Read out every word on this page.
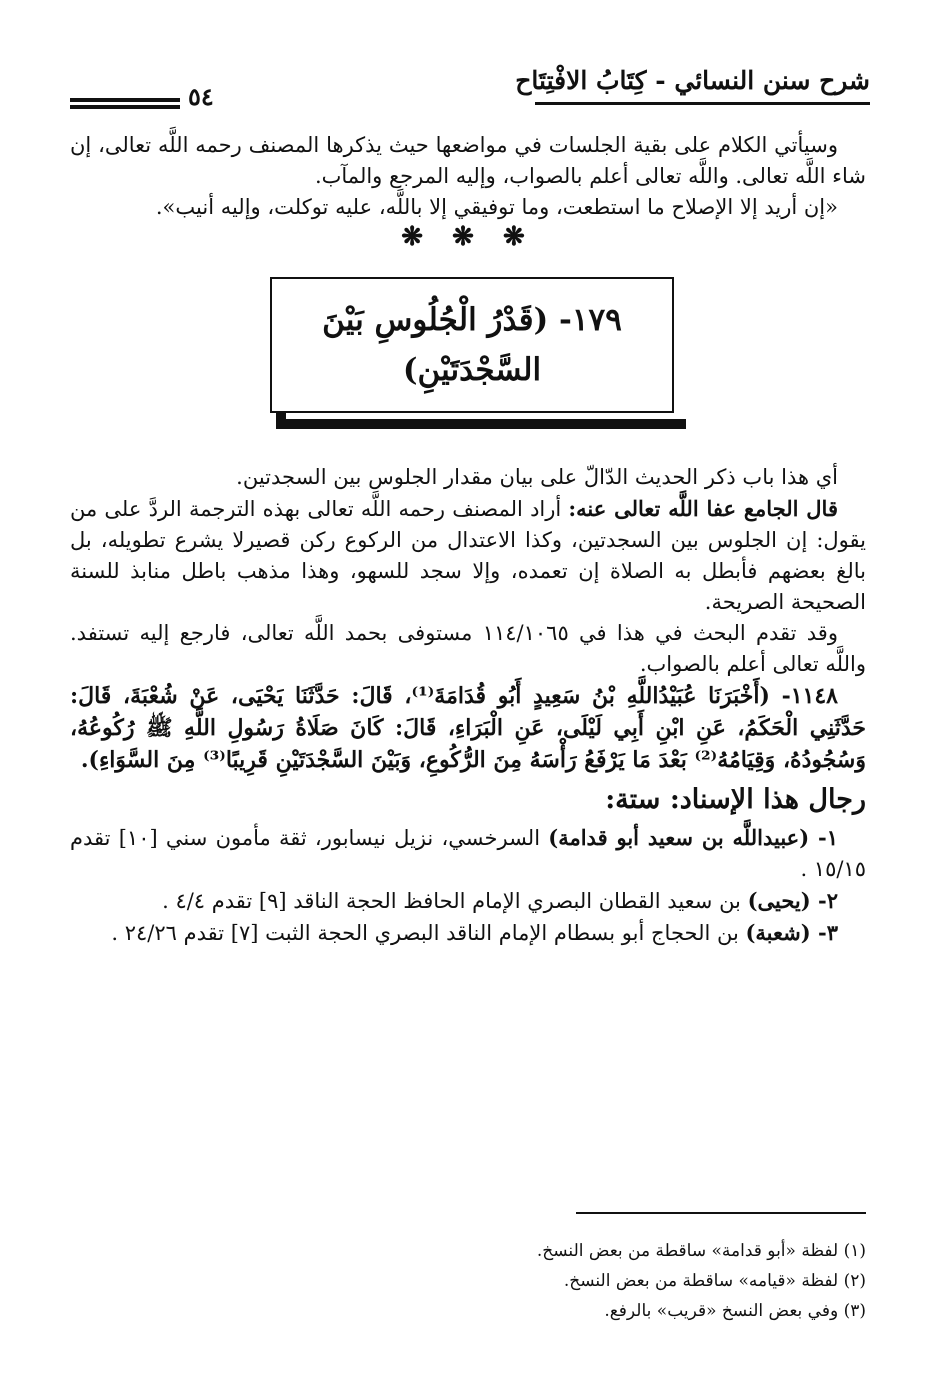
شرح سنن النسائي - كِتَابُ الافْتِتَاح
٥٤

وسيأتي الكلام على بقية الجلسات في مواضعها حيث يذكرها المصنف رحمه اللَّه تعالى، إن شاء اللَّه تعالى. واللَّه تعالى أعلم بالصواب، وإليه المرجع والمآب.

«إن أريد إلا الإصلاح ما استطعت، وما توفيقي إلا باللَّه، عليه توكلت، وإليه أنيب».

❋ ❋ ❋

١٧٩- (قَدْرُ الْجُلُوسِ بَيْنَ
السَّجْدَتَيْنِ)

أي هذا باب ذكر الحديث الدّالّ على بيان مقدار الجلوس بين السجدتين.

قال الجامع عفا اللَّه تعالى عنه: أراد المصنف رحمه اللَّه تعالى بهذه الترجمة الردَّ على من يقول: إن الجلوس بين السجدتين، وكذا الاعتدال من الركوع ركن قصيرلا يشرع تطويله، بل بالغ بعضهم فأبطل به الصلاة إن تعمده، وإلا سجد للسهو، وهذا مذهب باطل منابذ للسنة الصحيحة الصريحة.

وقد تقدم البحث في هذا في ١١٤/١٠٦٥ مستوفى بحمد اللَّه تعالى، فارجع إليه تستفد. واللَّه تعالى أعلم بالصواب.

١١٤٨- (أَخْبَرَنَا عُبَيْدُاللَّهِ بْنُ سَعِيدٍ أَبُو قُدَامَةَ⁽¹⁾، قَالَ: حَدَّثَنَا يَحْيَى، عَنْ شُعْبَةَ، قَالَ: حَدَّثَنِي الْحَكَمُ، عَنِ ابْنِ أَبِي لَيْلَى، عَنِ الْبَرَاءِ، قَالَ: كَانَ صَلَاةُ رَسُولِ اللَّهِ ﷺ رُكُوعُهُ، وَسُجُودُهُ، وَقِيَامُهُ⁽²⁾ بَعْدَ مَا يَرْفَعُ رَأْسَهُ مِنَ الرُّكُوعِ، وَبَيْنَ السَّجْدَتَيْنِ قَرِيبًا⁽³⁾ مِنَ السَّوَاءِ).

رجال هذا الإسناد: ستة:

١- (عبيداللَّه بن سعيد أبو قدامة) السرخسي، نزيل نيسابور، ثقة مأمون سني [١٠] تقدم ١٥/١٥ .

٢- (يحيى) بن سعيد القطان البصري الإمام الحافظ الحجة الناقد [٩] تقدم ٤/٤ .

٣- (شعبة) بن الحجاج أبو بسطام الإمام الناقد البصري الحجة الثبت [٧] تقدم ٢٤/٢٦ .

(١) لفظة «أبو قدامة» ساقطة من بعض النسخ.

(٢) لفظة «قيامه» ساقطة من بعض النسخ.

(٣) وفي بعض النسخ «قريب» بالرفع.
